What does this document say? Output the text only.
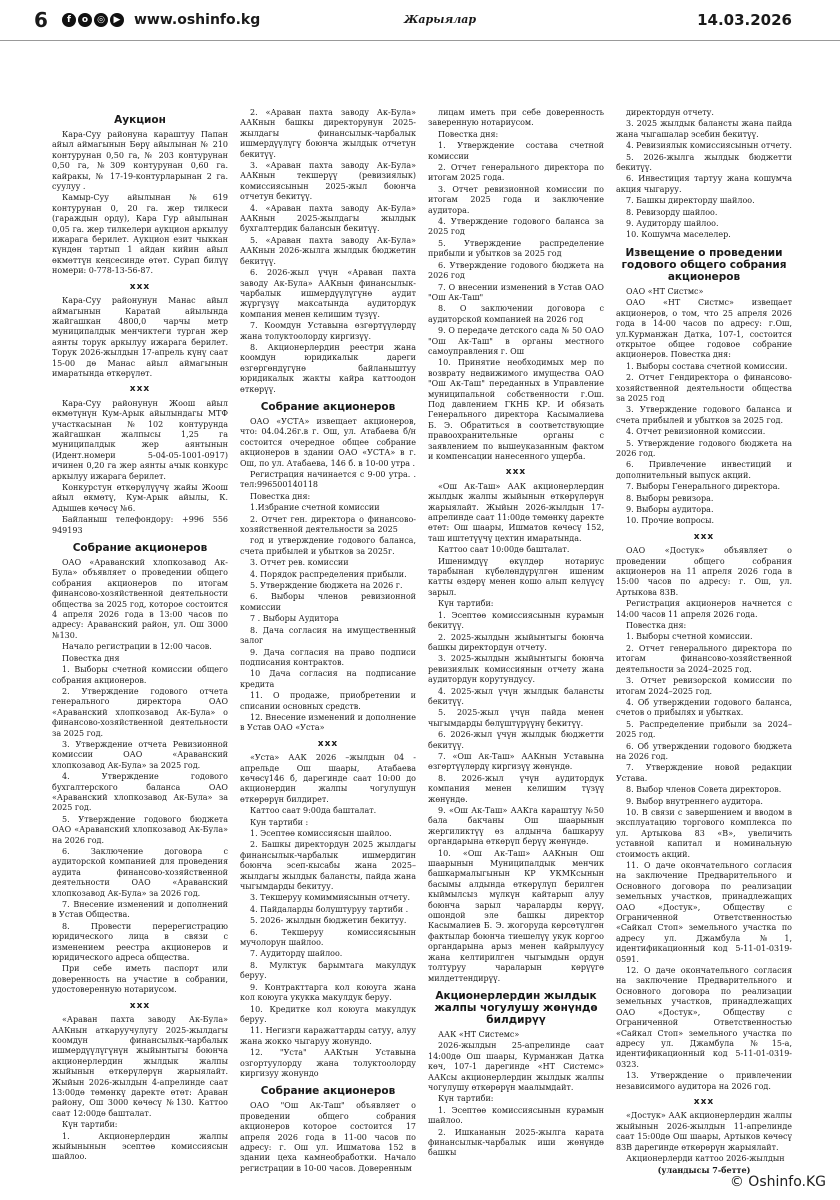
6	f	o ◎ ▶ www.oshinfo.kg	Жарыялар	14.03.2026
Аукцион

Кара-Суу районуна караштуу Папан айыл аймагынын Бөрү айылынан № 210 контурунан 0,50 га, № 203 контурунан 0,50 га, №309 контурунан 0,60 га. кайракы, № 17-19-контурларынан 2 га. суулуу .

Камыр-Суу айылынан №619 контурунан 0, 20 га. жер тилкеси (гараждын орду), Кара Гур айылынан 0,05 га. жер тилкелери аукцион аркылуу ижарага берилет. Аукцион езит чыккан күндөн тартып 1 айдан кийин айыл өкмөттүн кеңсесинде өтөт. Сурап билүү номери: 0-778-13-56-87.

ххх

Кара-Суу районунун Манас айыл аймагынын Каратай айылында жайгашкан 4800,0 чарчы метр муниципалдык менчиктеги турган жер аянты торук аркылуу ижарага берилет. Торук 2026-жылдын 17-апрель күнү саат 15-00 дө Манас айыл аймагынын имаратында өткөрүлөт.

ххх

Кара-Суу районунун Жоош айыл өкмөтүнүн Кум-Арык айылындагы МТФ участкасынан №102 контурунда жайгашкан жалпысы 1,25 га муниципалдык жер аянтынын (Идент.номери 5-04-05-1001-0917) ичинен 0,20 га жер аянты ачык конкурс аркылуу ижарага берилет.

Конкурстун өткөрүлүүчү жайы Жоош айыл өкмөтү, Кум-Арык айылы, К. Адышев көчөсү №6.

Байланыш телефондору: +996 556 949193

Собрание акционеров

ОАО «Араванский хлопкозавод Ак-Була» объявляет о проведении общего собрания акционеров по итогам финансово-хозяйственной деятельности общества за 2025 год, которое состоится 4 апреля 2026 года в 13:00 часов по адресу: Араванский район, ул. Ош 3000 №130.

Начало регистрации в 12:00 часов.

Повестка дня

1. Выборы счетной комиссии общего собрания акционеров.

2. Утверждение годового отчета генерального директора ОАО «Араванский хлопкозавод Ак-Була» о финансово-хозяйственной деятельности за 2025 год.

3. Утверждение отчета Ревизионной комиссии ОАО «Араванский хлопкозавод Ак-Була» за 2025 год.

4. Утверждение годового бухгалтерского баланса ОАО «Араванский хлопкозавод Ак-Була» за 2025 год.

5. Утверждение годового бюджета ОАО «Араванский хлопкозавод Ак-Була» на 2026 год.

6. Заключение договора с аудиторской компанией для проведения аудита финансово-хозяйственной деятельности ОАО «Араванский хлопкозавод Ак-Була» за 2026 год.

7. Внесение изменений и дополнений в Устав Общества.

8. Провести перерегистрацию юридического лица в связи с изменением реестра акционеров и юридического адреса общества.

При себе иметь паспорт или доверенность на участие в собрании, удостоверенную нотариусом.

ххх

«Араван пахта заводу Ак-Була» ААКнын аткаруучулугу 2025-жылдагы коомдун финансылык-чарбалык ишмердүүлүгүнүн жыйынтыгы боюнча акционерлердин жылдык жалпы жыйынын өткөрүлөрүн жарыялайт. Жыйын 2026-жылдын 4-апрелинде саат 13:00дө төмөнкү даректе өтөт: Араван району, Ош 3000 көчөсү №130. Каттоо саат 12:00дө башталат.

Күн тартиби:

1. Акционерлердин жалпы жыйынынын эсептөө комиссиясын шайлоо.

2. «Араван пахта заводу Ак-Була» ААКнын башкы директорунун 2025-жылдагы финансылык-чарбалык ишмердүүлүгү боюнча жылдык отчетун бекитүү.

3. «Араван пахта заводу Ак-Була» ААКнын текшерүү (ревизиялык) комиссиясынын 2025-жыл боюнча отчетун бекитүү.

4. «Араван пахта заводу Ак-Була» ААКнын 2025-жылдагы жылдык бухгалтердик балансын бекитүү.

5. «Араван пахта заводу Ак-Була» ААКнын 2026-жылга жылдык бюджетин бекитүү.

6. 2026-жыл үчүн «Араван пахта заводу Ак-Була» ААКнын финансылык-чарбалык ишмердүүлүгүнө аудит жүргүзүү максатында аудитордук компания менен келишим түзүү.

7. Коомдун Уставына өзгөртүүлөрдү жана толуктоолорду киргизүү.

8. Акционерлердин реестри жана коомдун юридикалык дареги өзгөргөндүгүнө байланыштуу юридикалык жакты кайра каттоодон өткөрүү.

Собрание акционеров

ОАО «УСТА» извещает акционеров, что: 04.04.26г.в г. Ош, ул. Атабаева б/н состоится очередное общее собрание акционеров в здании ОАО «УСТА» в г. Ош, по ул. Атабаева, 146 б. в 10-00 утра .

Регистрация начинается с 9-00 утра. . тел:996500140118

Повестка дня:

1.Избрание счетной комиссии

2. Отчет ген. директора о финансово-хозяйственной деятельности за 2025

год и утверждение годового баланса, счета прибылей и убытков за 2025г.

3. Отчет рев. комиссии

4. Порядок распределения прибыли.

5. Утверждение бюджета на 2026 г.

6. Выборы членов ревизионной комиссии

7 . Выборы Аудитора

8. Дача согласия на имущественный залог

9. Дача согласия на право подписи подписания контрактов.

10 Дача согласия на подписание кредита

11. О продаже, приобретении и списании основных средств.

12. Внесение изменений и дополнение в Устав ОАО «Уста»

ххх

«Уста» ААК 2026 –жылдын 04 - апрельде Ош шаары, Атабаева көчөсү146 б, дарегинде саат 10:00 до акционердин жалпы чогулушун өткөрөрүн билдирет.

Каттоо саат 9:00да башталат.

Кун тартиби :

1. Эсептөө комиссиясын шайлоо.

2. Башкы директордун 2025 жылдагы финансылык-чарбалык ишмердигин боюнча эсеп-кысабы жана 2025– жылдагы жылдык балансты, пайда жана чыгымдарды бекитуу.

3. Текшеруу комиммиясынын отчету.

4. Пайдаларды болуштуруу тартиби .

5. 2026- жылдын бюджетин бекитуу.

6. Текшеруу комиссиясынын мучолорун шайлоо.

7. Аудитордү шайлоо.

8. Мулктук барымтага макулдук беруу.

9. Контракттарга кол коюуга жана кол коюуга укукка макулдук беруу.

10. Кредитке кол коюуга макулдук беруу.

11. Негизги каражаттарды сатуу, алуу жана жокко чыгаруу жонундо.

12. "Уста" ААКтын Уставына озгортуулорду жана толуктоолорду киргизуу жонундо

Собрание акционеров

ОАО "Ош Ак-Таш" объявляет о проведении общего собрания акционеров которое состоится 17 апреля 2026 года в 11-00 часов по адресу: г. Ош ул. Ишматова 152 в здании цеха камнеобработки. Начало регистрации в 10-00 часов. Доверенным

лицам иметь при себе доверенность заверенную нотариусом.

Повестка дня:

1. Утверждение состава счетной комиссии

2. Отчет генерального директора по итогам 2025 года.

3. Отчет ревизионной комиссии по итогам 2025 года и заключение аудитора.

4. Утверждение годового баланса за 2025 год

5. Утверждение распределение прибыли и убытков за 2025 год

6. Утверждение годового бюджета на 2026 год

7. О внесении изменений в Устав ОАО "Ош Ак-Таш"

8. О заключении договора с аудиторской компанией на 2026 год

9. О передаче детского сада № 50 ОАО "Ош Ак-Таш" в органы местного самоуправления г. Ош

10. Принятие необходимых мер по возврату недвижимого имущества ОАО "Ош Ак-Таш" переданных в Управление муниципальной собственности г.Ош. Под давлением ГКНБ КР. И обязать Генерального директора Касымалиева Б. Э. Обратиться в соответствующие правоохранительные органы с заявлением по вышеуказанным фактом и компенсации нанесенного ущерба.

ххх

«Ош Ак-Таш» ААК акционерлердин жылдык жалпы жыйынын өткөрүлөрүн жарыялайт. Жыйын 2026-жылдын 17-апрелинде саат 11:00дө төмөнкү даректе өтөт: Ош шаары, Ишматов көчөсү 152, таш иштетүүчү цехтин имаратында.

Каттоо саат 10:00дө башталат.

Ишенимдүү өкүлдөр нотариус тарабынан күбөлөндүрүлгөн ишеним катты өздөрү менен кошо алып келүүсү зарыл.

Күн тартиби:

1. Эсептөө комиссиясынын курамын бекитүү.

2. 2025-жылдын жыйынтыгы боюнча башкы директордун отчету.

3. 2025-жылдын жыйынтыгы боюнча ревизиялык комиссиянын отчету жана аудитордун корутундусу.

4. 2025-жыл үчүн жылдык балансты бекитүү.

5. 2025-жыл үчүн пайда менен чыгымдарды бөлүштүрүүнү бекитүү.

6. 2026-жыл үчүн жылдык бюджетти бекитүү.

7. «Ош Ак-Таш» ААКнын Уставына өзгөртүүлөрдү киргизүү жөнүндө.

8. 2026-жыл үчүн аудитордук компания менен келишим түзүү жөнүндө.

9. «Ош Ак-Таш» ААКга караштуу №50 бала бакчаны Ош шаарынын жергиликтүү өз алдынча башкаруу органдарына өткөрүп берүү жөнүндө.

10. «Ош Ак-Таш» ААКнын Ош шаарынын Муниципалдык менчик башкармалыгынын КР УКМКсынын басымы алдында өткөрүлүп берилген кыймылсыз мүлкүн кайтарып алуу боюнча зарыл чараларды көрүү, ошондой эле башкы директор Касымалиев Б. Э. жогоруда көрсөтүлгөн фактылар боюнча тиешелүү укук коргоо органдарына арыз менен кайрылуусу жана келтирилген чыгымдын ордун толтуруу чараларын көрүүгө милдеттендирүү.

Акционерлердин жылдык жалпы чогулушу жөнүндө билдирүү

ААК «НТ Системс»

2026-жылдын 25-апрелинде саат 14:00дө Ош шаары, Курманжан Датка көч, 107-1 дарегинде «НТ Системс» ААКсы акционерлердин жылдык жалпы чогулушу өткөрөрүн маалымдайт.

Күн тартиби:

1. Эсептөө комиссиясынын курамын шайлоо.

2. Ишкананын 2025-жылга карата финансылык-чарбалык иши жөнүндө башкы

директордун отчету.

3. 2025 жылдык балансты жана пайда жана чыгашалар эсебин бекитүү.

4. Ревизиялык комиссиясынын отчету.

5. 2026-жылга жылдык бюджетти бекитүү.

6. Инвестиция тартуу жана кошумча акция чыгаруу.

7. Башкы директорду шайлоо.

8. Ревизорду шайлоо.

9. Аудиторду шайлоо.

10. Кошумча маселелер.

Извещение о проведении годового общего собрания акционеров

ОАО «НТ Систмс»

ОАО «НТ Систмс» извещает акционеров, о том, что 25 апреля 2026 года в 14-00 часов по адресу: г.Ош, ул.Курманжан Датка, 107-1, состоится открытое общее годовое собрание акционеров. Повестка дня:

1. Выборы состава счетной комиссии.

2. Отчет Гендиректора о финансово-хозяйственной деятельности общества за 2025 год

3. Утверждение годового баланса и счета прибылей и убытков за 2025 год.

4. Отчет ревизионной комиссии.

5. Утверждение годового бюджета на 2026 год.

6. Привлечение инвестиций и дополнительный выпуск акций.

7. Выборы Генерального директора.

8. Выборы ревизора.

9. Выборы аудитора.

10. Прочие вопросы.

ххх

ОАО «Достук» объявляет о проведении общего собрания акционеров на 11 апреля 2026 года в 15:00 часов по адресу: г. Ош, ул. Артыкова 83В.

Регистрация акционеров начнется с 14:00 часов 11 апреля 2026 года.

Повестка дня:

1. Выборы счетной комиссии.

2. Отчет генерального директора по итогам финансово-хозяйственной деятельности за 2024–2025 год.

3. Отчет ревизорской комиссии по итогам 2024–2025 год.

4. Об утверждении годового баланса, счетов о прибылях и убытках.

5. Распределение прибыли за 2024–2025 год.

6. Об утверждении годового бюджета на 2026 год.

7. Утверждение новой редакции Устава.

8. Выбор членов Совета директоров.

9. Выбор внутреннего аудитора.

10. В связи с завершением и вводом в эксплуатацию торгового комплекса по ул. Артыкова 83 «В», увеличить уставной капитал и номинальную стоимость акций.

11. О даче окончательного согласия на заключение Предварительного и Основного договора по реализации земельных участков, принадлежащих ОАО «Достук», Обществу с Ограниченной Ответственностью «Сайкал Стоп» земельного участка по адресу ул. Джамбула №1, идентификационный код 5-11-01-0319-0591.

12. О даче окончательного согласия на заключение Предварительного и Основного договора по реализации земельных участков, принадлежащих ОАО «Достук», Обществу с Ограниченной Ответственностью «Сайкал Стоп» земельного участка по адресу ул. Джамбула №15-а, идентификационный код 5-11-01-0319-0323.

13. Утверждение о привлечении независимого аудитора на 2026 год.

ххх

«Достук» ААК акционерлердин жалпы жыйынын 2026-жылдын 11-апрелинде саат 15:00дө Ош шаары, Артыков көчөсү 83В дарегинде өткөрөрүн жарыялайт.

Акционерлерди каттоо 2026-жылдын

(уландысы 7-бетте)

© Oshinfo.KG
